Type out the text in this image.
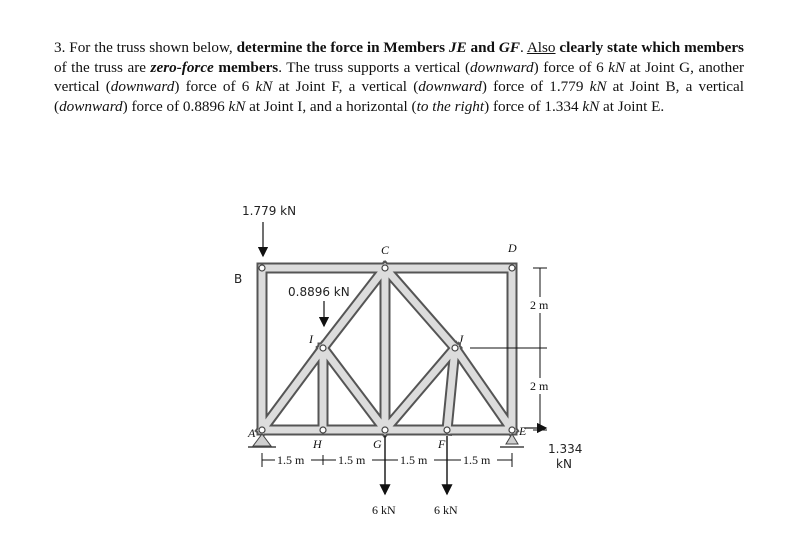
3. For the truss shown below, determine the force in Members JE and GF. Also clearly state which members of the truss are zero-force members. The truss supports a vertical (downward) force of 6 kN at Joint G, another vertical (downward) force of 6 kN at Joint F, a vertical (downward) force of 1.779 kN at Joint B, a vertical (downward) force of 0.8896 kN at Joint I, and a horizontal (to the right) force of 1.334 kN at Joint E.

A
B
C	D
E
F
G
H
I	J
1.779 kN
0.8896 kN
1.334
kN
6 kN	6 kN
1.5 m	1.5 m	1.5 m	1.5 m
2 m
2 m
